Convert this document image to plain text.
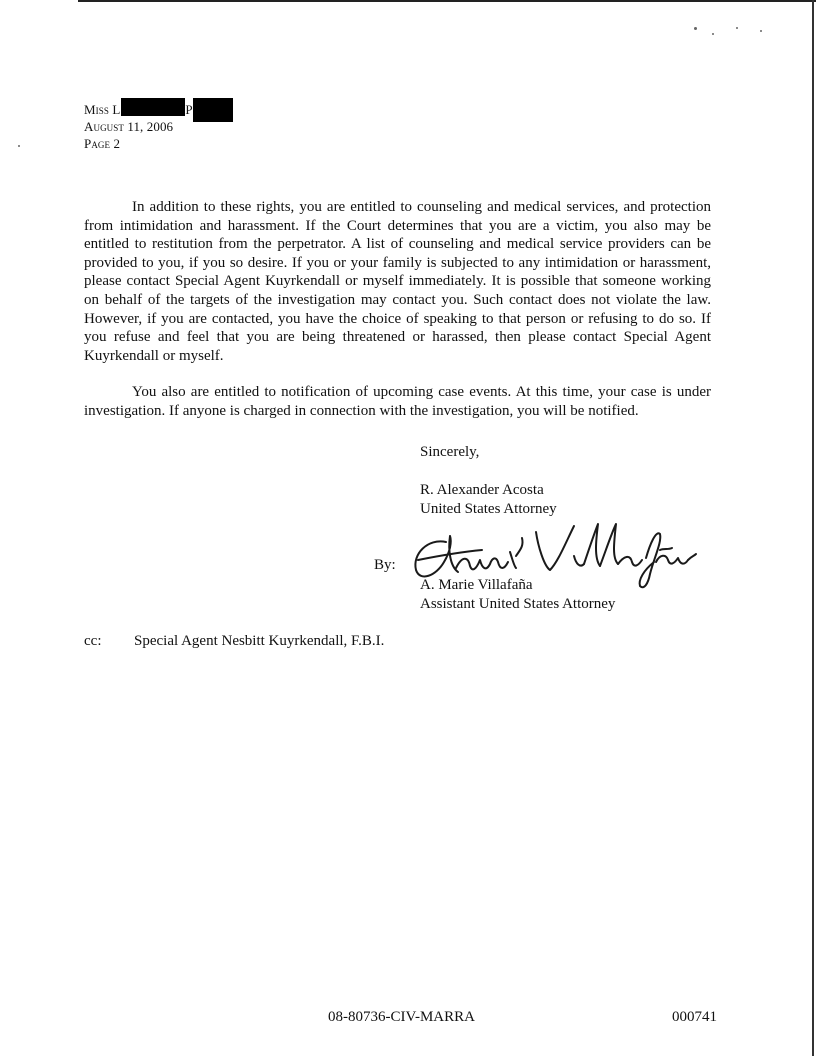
Miss L	P
August 11, 2006
Page 2

In addition to these rights, you are entitled to counseling and medical services, and protection from intimidation and harassment. If the Court determines that you are a victim, you also may be entitled to restitution from the perpetrator. A list of counseling and medical service providers can be provided to you, if you so desire. If you or your family is subjected to any intimidation or harassment, please contact Special Agent Kuyrkendall or myself immediately. It is possible that someone working on behalf of the targets of the investigation may contact you. Such contact does not violate the law. However, if you are contacted, you have the choice of speaking to that person or refusing to do so. If you refuse and feel that you are being threatened or harassed, then please contact Special Agent Kuyrkendall or myself.

You also are entitled to notification of upcoming case events. At this time, your case is under investigation. If anyone is charged in connection with the investigation, you will be notified.

Sincerely,
R. Alexander Acosta
United States Attorney
By:
A. Marie Villafaña
Assistant United States Attorney
cc: Special Agent Nesbitt Kuyrkendall, F.B.I.
08-80736-CIV-MARRA	000741
